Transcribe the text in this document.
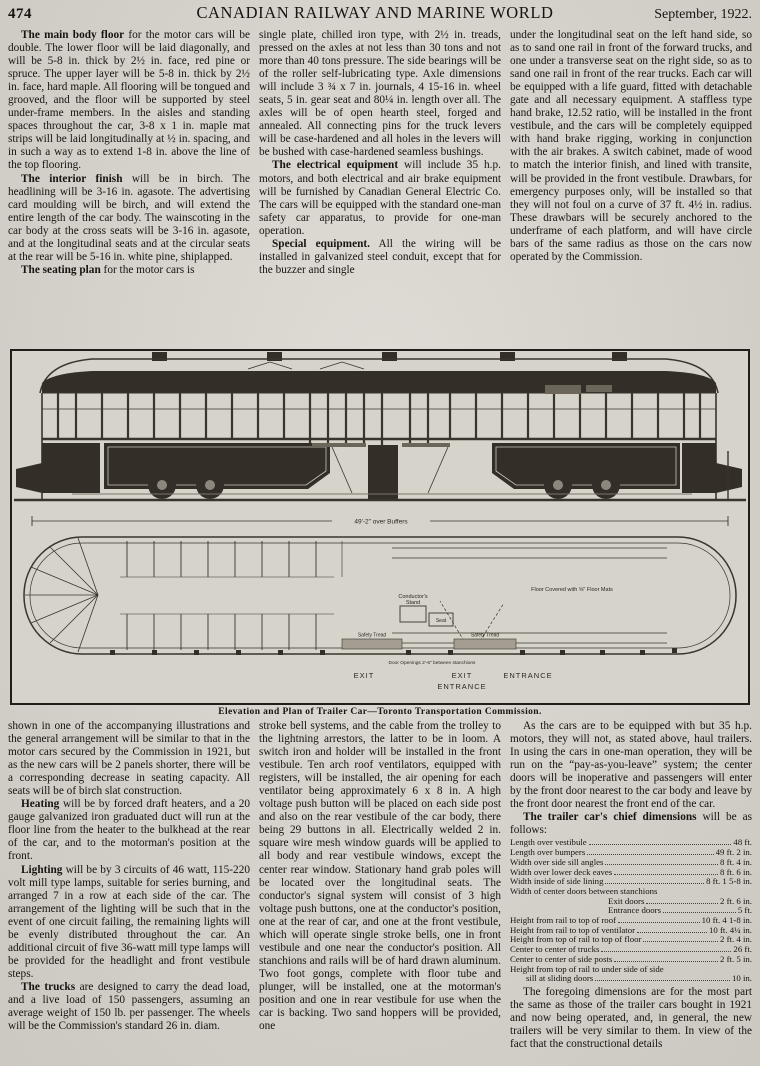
474	CANADIAN RAILWAY AND MARINE WORLD	September, 1922.

The main body floor for the motor cars will be double. The lower floor will be laid diagonally, and will be 5-8 in. thick by 2½ in. face, red pine or spruce. The upper layer will be 5-8 in. thick by 2½ in. face, hard maple. All flooring will be tongued and grooved, and the floor will be supported by steel under-frame members. In the aisles and standing spaces throughout the car, 3-8 x 1 in. maple mat strips will be laid longitudinally at ½ in. spacing, and in such a way as to extend 1-8 in. above the line of the top flooring.

The interior finish will be in birch. The headlining will be 3-16 in. agasote. The advertising card moulding will be birch, and will extend the entire length of the car body. The wainscoting in the car body at the cross seats will be 3-16 in. agasote, and at the longitudinal seats and at the circular seats at the rear will be 5-16 in. white pine, shiplapped.

The seating plan for the motor cars is

single plate, chilled iron type, with 2½ in. treads, pressed on the axles at not less than 30 tons and not more than 40 tons pressure. The side bearings will be of the roller self-lubricating type. Axle dimensions will include 3 ¾ x 7 in. journals, 4 15-16 in. wheel seats, 5 in. gear seat and 80¼ in. length over all. The axles will be of open hearth steel, forged and annealed. All connecting pins for the truck levers will be case-hardened and all holes in the levers will be bushed with case-hardened seamless bushings.

The electrical equipment will include 35 h.p. motors, and both electrical and air brake equipment will be furnished by Canadian General Electric Co. The cars will be equipped with the standard one-man safety car apparatus, to provide for one-man operation.

Special equipment. All the wiring will be installed in galvanized steel conduit, except that for the buzzer and single

under the longitudinal seat on the left hand side, so as to sand one rail in front of the forward trucks, and one under a transverse seat on the right side, so as to sand one rail in front of the rear trucks. Each car will be equipped with a life guard, fitted with detachable gate and all necessary equipment. A staffless type hand brake, 12.52 ratio, will be installed in the front vestibule, and the cars will be completely equipped with hand brake rigging, working in conjunction with the air brakes. A switch cabinet, made of wood to match the interior finish, and lined with transite, will be provided in the front vestibule. Drawbars, for emergency purposes only, will be installed so that they will not foul on a curve of 37 ft. 4½ in. radius. These drawbars will be securely anchored to the underframe of each platform, and will have circle bars of the same radius as those on the cars now operated by the Commission.

49'-2" over Buffers
Conductor's
Stand
Seat
Safety Tread	Safety Tread
Floor Covered with ⅝" Floor Mats
Door Openings 2'-6" between stanchions
EXIT	EXIT	ENTRANCE
ENTRANCE
Elevation and Plan of Trailer Car—Toronto Transportation Commission.

shown in one of the accompanying illustrations and the general arrangement will be similar to that in the motor cars secured by the Commission in 1921, but as the new cars will be 2 panels shorter, there will be a corresponding decrease in seating capacity. All seats will be of birch slat construction.

Heating will be by forced draft heaters, and a 20 gauge galvanized iron graduated duct will run at the floor line from the heater to the bulkhead at the rear of the car, and to the motorman's position at the front.

Lighting will be by 3 circuits of 46 watt, 115-220 volt mill type lamps, suitable for series burning, and arranged 7 in a row at each side of the car. The arrangement of the lighting will be such that in the event of one circuit failing, the remaining lights will be evenly distributed throughout the car. An additional circuit of five 36-watt mill type lamps will be provided for the headlight and front vestibule steps.

The trucks are designed to carry the dead load, and a live load of 150 passengers, assuming an average weight of 150 lb. per passenger. The wheels will be the Commission's standard 26 in. diam.

stroke bell systems, and the cable from the trolley to the lightning arrestors, the latter to be in loom. A switch iron and holder will be installed in the front vestibule. Ten arch roof ventilators, equipped with registers, will be installed, the air opening for each ventilator being approximately 6 x 8 in. A high voltage push button will be placed on each side post and also on the rear vestibule of the car body, there being 29 buttons in all. Electrically welded 2 in. square wire mesh window guards will be applied to all body and rear vestibule windows, except the center rear window. Stationary hand grab poles will be located over the longitudinal seats. The conductor's signal system will consist of 3 high voltage push buttons, one at the conductor's position, one at the rear of car, and one at the front vestibule, which will operate single stroke bells, one in front vestibule and one near the conductor's position. All stanchions and rails will be of hard drawn aluminum. Two foot gongs, complete with floor tube and plunger, will be installed, one at the motorman's position and one in rear vestibule for use when the car is backing. Two sand hoppers will be provided, one

As the cars are to be equipped with but 35 h.p. motors, they will not, as stated above, haul trailers. In using the cars in one-man operation, they will be run on the “pay-as-you-leave” system; the center doors will be inoperative and passengers will enter by the front door nearest to the car body and leave by the front door nearest the front end of the car.

The trailer car's chief dimensions will be as follows:

Length over vestibule	48 ft.
Length over bumpers	49 ft. 2 in.
Width over side sill angles	8 ft. 4 in.
Width over lower deck eaves	8 ft. 6 in.
Width inside of side lining	8 ft. 1 5-8 in.
Width of center doors between stanchions
Exit doors	2 ft. 6 in.
Entrance doors	5 ft.
Height from rail to top of roof	10 ft. 4 1-8 in.
Height from rail to top of ventilator	10 ft. 4¼ in.
Height from top of rail to top of floor	2 ft. 4 in.
Center to center of trucks	26 ft.
Center to center of side posts	2 ft. 5 in.
Height from top of rail to under side of side
sill at sliding doors	10 in.

The foregoing dimensions are for the most part the same as those of the trailer cars bought in 1921 and now being operated, and, in general, the new trailers will be very similar to them. In view of the fact that the constructional details
